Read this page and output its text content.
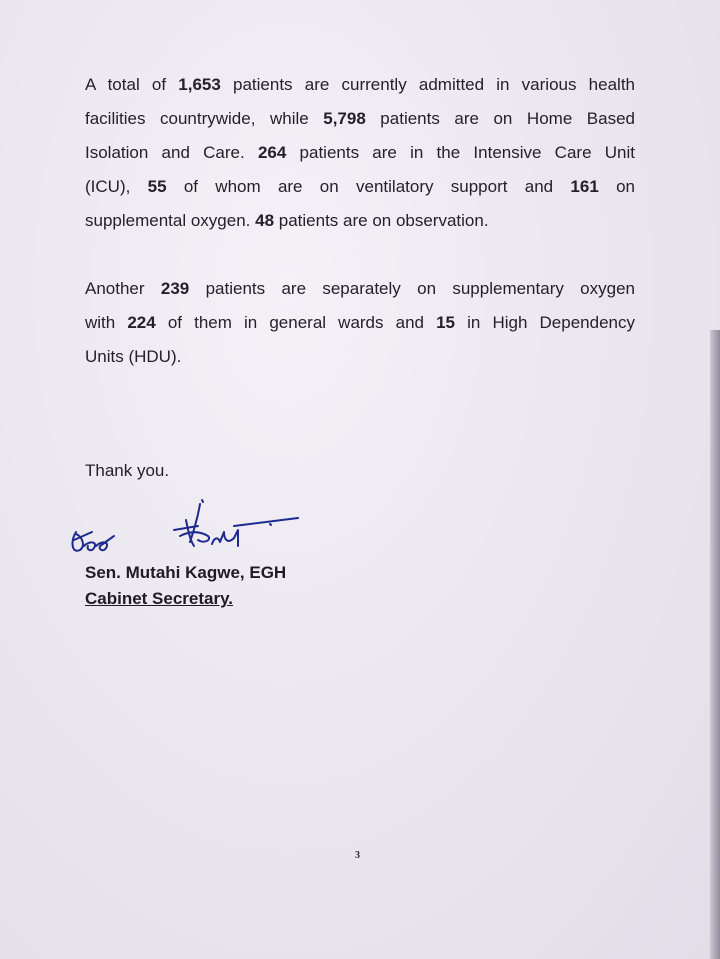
A total of 1,653 patients are currently admitted in various health
facilities countrywide, while 5,798 patients are on Home Based
Isolation and Care. 264 patients are in the Intensive Care Unit
(ICU), 55 of whom are on ventilatory support and 161 on
supplemental oxygen. 48 patients are on observation.
Another 239 patients are separately on supplementary oxygen
with 224 of them in general wards and 15 in High Dependency
Units (HDU).
Thank you.
Sen. Mutahi Kagwe, EGH
Cabinet Secretary.
3
